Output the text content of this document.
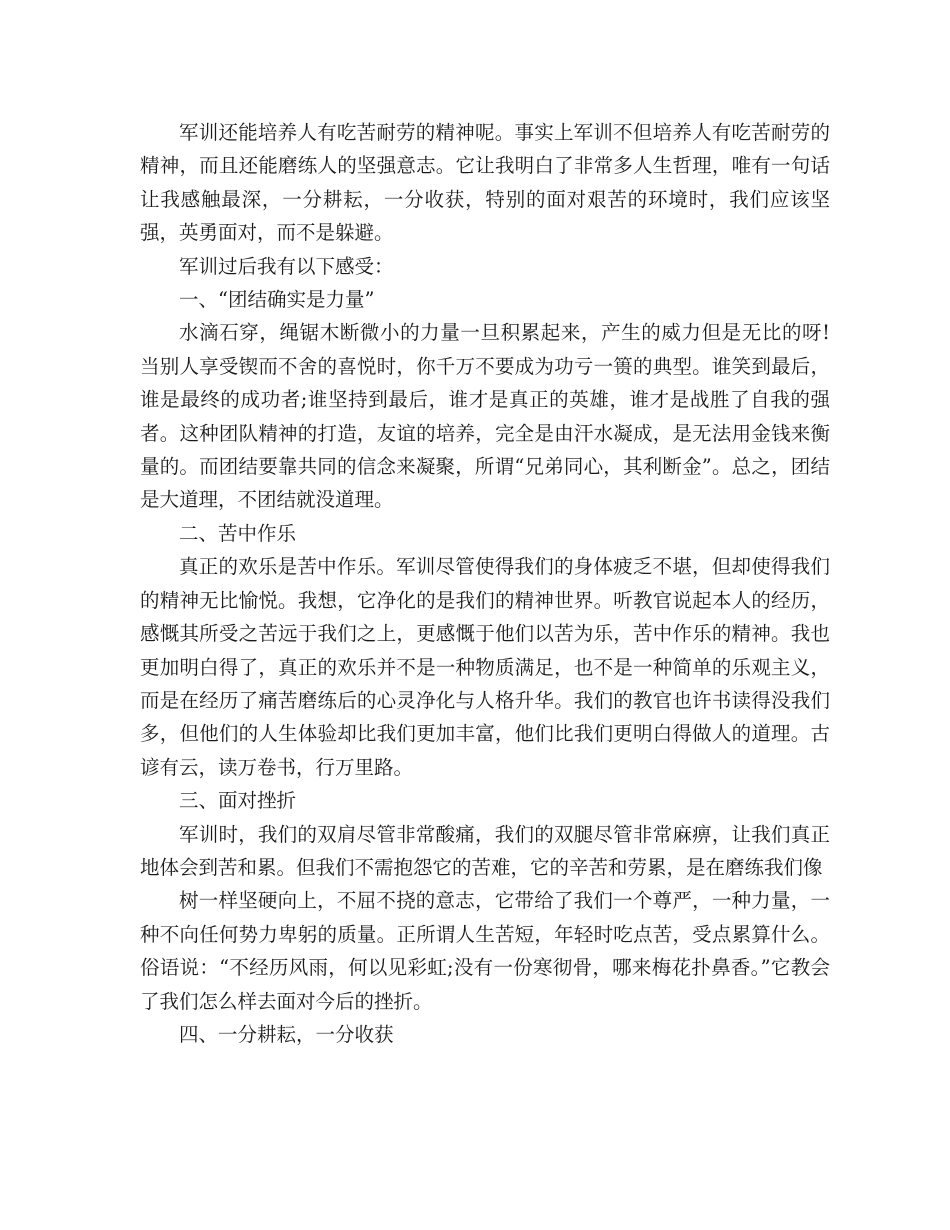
军训还能培养人有吃苦耐劳的精神呢。事实上军训不但培养人有吃苦耐劳的精神，而且还能磨练人的坚强意志。它让我明白了非常多人生哲理，唯有一句话让我感触最深，一分耕耘，一分收获，特别的面对艰苦的环境时，我们应该坚强，英勇面对，而不是躲避。

军训过后我有以下感受：

一、“团结确实是力量”

水滴石穿，绳锯木断微小的力量一旦积累起来，产生的威力但是无比的呀!当别人享受锲而不舍的喜悦时，你千万不要成为功亏一篑的典型。谁笑到最后，谁是最终的成功者;谁坚持到最后，谁才是真正的英雄，谁才是战胜了自我的强者。这种团队精神的打造，友谊的培养，完全是由汗水凝成，是无法用金钱来衡量的。而团结要靠共同的信念来凝聚，所谓“兄弟同心，其利断金”。总之，团结是大道理，不团结就没道理。

二、苦中作乐

真正的欢乐是苦中作乐。军训尽管使得我们的身体疲乏不堪，但却使得我们的精神无比愉悦。我想，它净化的是我们的精神世界。听教官说起本人的经历，感慨其所受之苦远于我们之上，更感慨于他们以苦为乐，苦中作乐的精神。我也更加明白得了，真正的欢乐并不是一种物质满足，也不是一种简单的乐观主义，而是在经历了痛苦磨练后的心灵净化与人格升华。我们的教官也许书读得没我们多，但他们的人生体验却比我们更加丰富，他们比我们更明白得做人的道理。古谚有云，读万卷书，行万里路。

三、面对挫折

军训时，我们的双肩尽管非常酸痛，我们的双腿尽管非常麻痹，让我们真正地体会到苦和累。但我们不需抱怨它的苦难，它的辛苦和劳累，是在磨练我们像

树一样坚硬向上，不屈不挠的意志，它带给了我们一个尊严，一种力量，一种不向任何势力卑躬的质量。正所谓人生苦短，年轻时吃点苦，受点累算什么。俗语说：“不经历风雨，何以见彩虹;没有一份寒彻骨，哪来梅花扑鼻香。”它教会了我们怎么样去面对今后的挫折。

四、一分耕耘，一分收获
